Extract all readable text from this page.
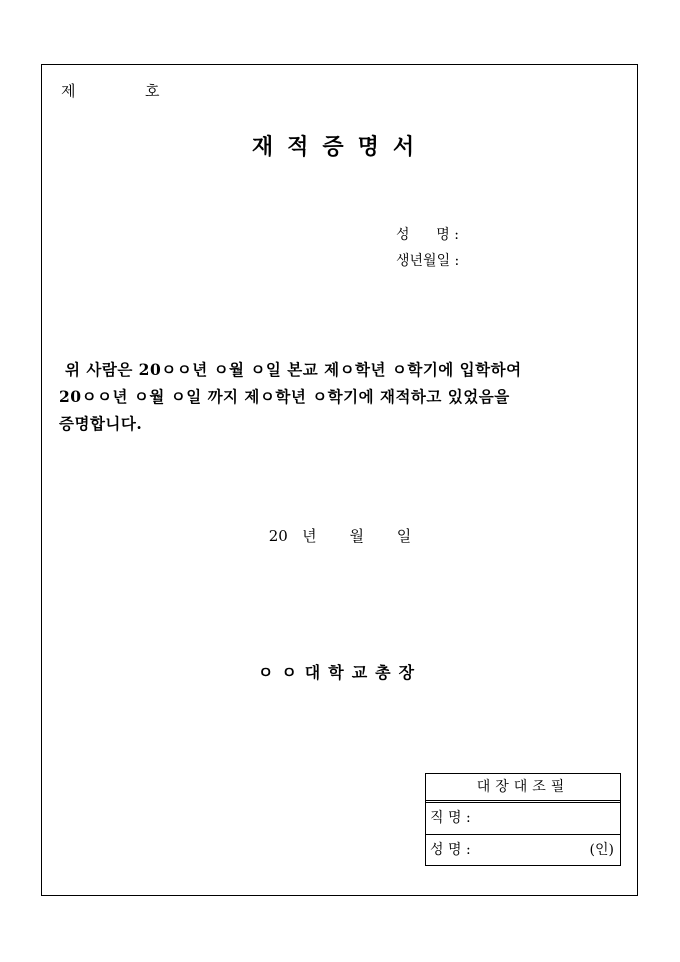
제	호
재적증명서
성      명 :
생년월일 :
위 사람은 20ㅇㅇ년 ㅇ월 ㅇ일 본교 제ㅇ학년 ㅇ학기에 입학하여
20ㅇㅇ년 ㅇ월 ㅇ일 까지 제ㅇ학년 ㅇ학기에 재적하고 있었음을
증명합니다.
20   년 월 일
ㅇㅇ대학교총장
대장대조필
직 명 :
성 명 :	(인)
